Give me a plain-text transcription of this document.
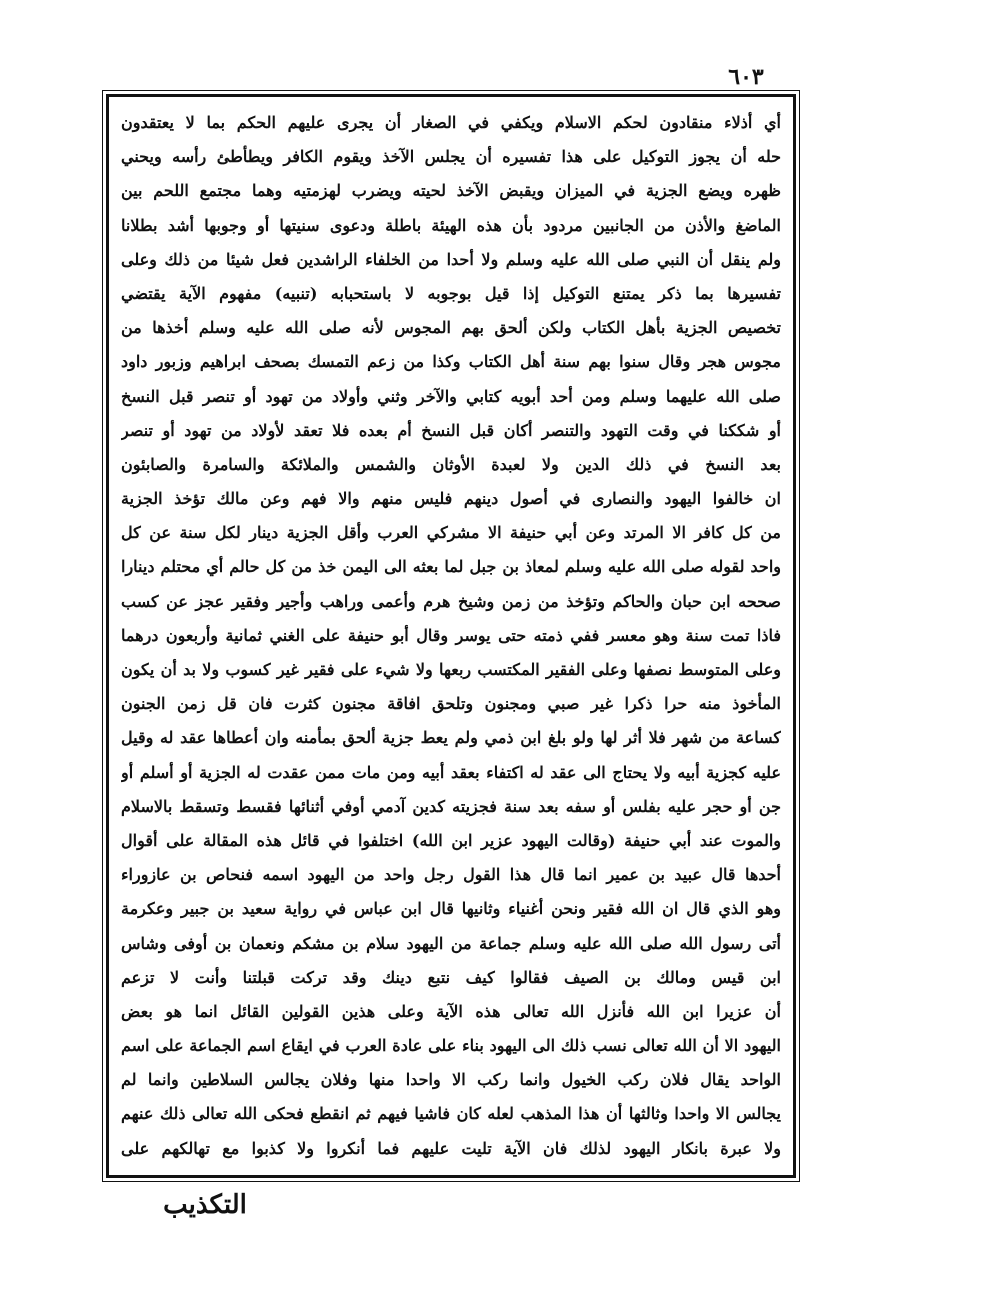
٦٠٣
أي أذلاء منقادون لحكم الاسلام ويكفي في الصغار أن يجرى عليهم الحكم بما لا يعتقدون
حله أن يجوز التوكيل على هذا تفسيره أن يجلس الآخذ ويقوم الكافر ويطأطئ رأسه ويحني
ظهره ويضع الجزية في الميزان ويقبض الآخذ لحيته ويضرب لهزمتيه وهما مجتمع اللحم بين
الماضغ والأذن من الجانبين مردود بأن هذه الهيئة باطلة ودعوى سنيتها أو وجوبها أشد بطلانا
ولم ينقل أن النبي صلى الله عليه وسلم ولا أحدا من الخلفاء الراشدين فعل شيئا من ذلك وعلى
تفسيرها بما ذكر يمتنع التوكيل إذا قيل بوجوبه لا باستحبابه (تنبيه) مفهوم الآية يقتضي
تخصيص الجزية بأهل الكتاب ولكن ألحق بهم المجوس لأنه صلى الله عليه وسلم أخذها من
مجوس هجر وقال سنوا بهم سنة أهل الكتاب وكذا من زعم التمسك بصحف ابراهيم وزبور داود
صلى الله عليهما وسلم ومن أحد أبويه كتابي والآخر وثني وأولاد من تهود أو تنصر قبل النسخ
أو شككنا في وقت التهود والتنصر أكان قبل النسخ أم بعده فلا تعقد لأولاد من تهود أو تنصر
بعد النسخ في ذلك الدين ولا لعبدة الأوثان والشمس والملائكة والسامرة والصابئون
ان خالفوا اليهود والنصارى في أصول دينهم فليس منهم والا فهم وعن مالك تؤخذ الجزية
من كل كافر الا المرتد وعن أبي حنيفة الا مشركي العرب وأقل الجزية دينار لكل سنة عن كل
واحد لقوله صلى الله عليه وسلم لمعاذ بن جبل لما بعثه الى اليمن خذ من كل حالم أي محتلم دينارا
صححه ابن حبان والحاكم وتؤخذ من زمن وشيخ هرم وأعمى وراهب وأجير وفقير عجز عن كسب
فاذا تمت سنة وهو معسر ففي ذمته حتى يوسر وقال أبو حنيفة على الغني ثمانية وأربعون درهما
وعلى المتوسط نصفها وعلى الفقير المكتسب ربعها ولا شيء على فقير غير كسوب ولا بد أن يكون
المأخوذ منه حرا ذكرا غير صبي ومجنون وتلحق افاقة مجنون كثرت فان قل زمن الجنون
كساعة من شهر فلا أثر لها ولو بلغ ابن ذمي ولم يعط جزية ألحق بمأمنه وان أعطاها عقد له وقيل
عليه كجزية أبيه ولا يحتاج الى عقد له اكتفاء بعقد أبيه ومن مات ممن عقدت له الجزية أو أسلم أو
جن أو حجر عليه بفلس أو سفه بعد سنة فجزيته كدين آدمي أوفي أثنائها فقسط وتسقط بالاسلام
والموت عند أبي حنيفة (وقالت اليهود عزير ابن الله) اختلفوا في قائل هذه المقالة على أقوال
أحدها قال عبيد بن عمير انما قال هذا القول رجل واحد من اليهود اسمه فنحاص بن عازوراء
وهو الذي قال ان الله فقير ونحن أغنياء وثانيها قال ابن عباس في رواية سعيد بن جبير وعكرمة
أتى رسول الله صلى الله عليه وسلم جماعة من اليهود سلام بن مشكم ونعمان بن أوفى وشاس
ابن قيس ومالك بن الصيف فقالوا كيف نتبع دينك وقد تركت قبلتنا وأنت لا تزعم
أن عزيرا ابن الله فأنزل الله تعالى هذه الآية وعلى هذين القولين القائل انما هو بعض
اليهود الا أن الله تعالى نسب ذلك الى اليهود بناء على عادة العرب في ايقاع اسم الجماعة على اسم
الواحد يقال فلان ركب الخيول وانما ركب الا واحدا منها وفلان يجالس السلاطين وانما لم
يجالس الا واحدا وثالثها أن هذا المذهب لعله كان فاشيا فيهم ثم انقطع فحكى الله تعالى ذلك عنهم
ولا عبرة بانكار اليهود لذلك فان الآية تليت عليهم فما أنكروا ولا كذبوا مع تهالكهم على
التكذيب
